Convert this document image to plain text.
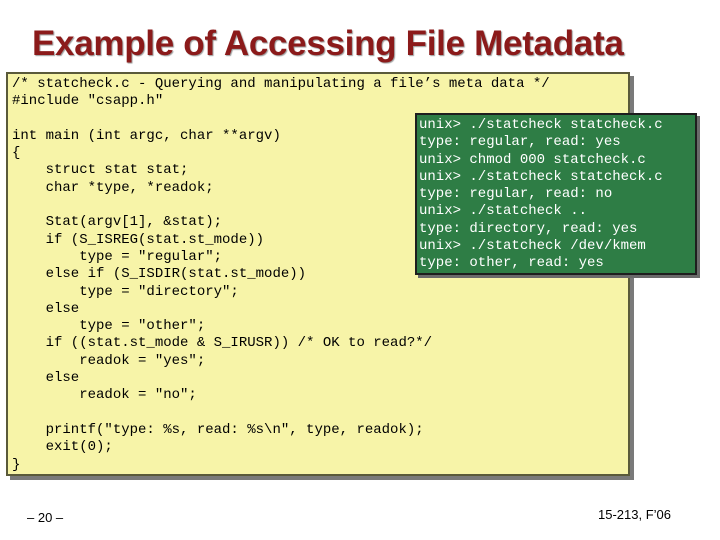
Example of Accessing File Metadata
/* statcheck.c - Querying and manipulating a file’s meta data */
#include "csapp.h"

int main (int argc, char **argv)
{
struct stat stat;
char *type, *readok;

Stat(argv[1], &stat);
if (S_ISREG(stat.st_mode))
type = "regular";
else if (S_ISDIR(stat.st_mode))
type = "directory";
else
type = "other";
if ((stat.st_mode & S_IRUSR)) /* OK to read?*/
readok = "yes";
else
readok = "no";

printf("type: %s, read: %s\n", type, readok);
exit(0);
}
unix> ./statcheck statcheck.c
type: regular, read: yes
unix> chmod 000 statcheck.c
unix> ./statcheck statcheck.c
type: regular, read: no
unix> ./statcheck ..
type: directory, read: yes
unix> ./statcheck /dev/kmem
type: other, read: yes
– 20 –	15-213, F’06
